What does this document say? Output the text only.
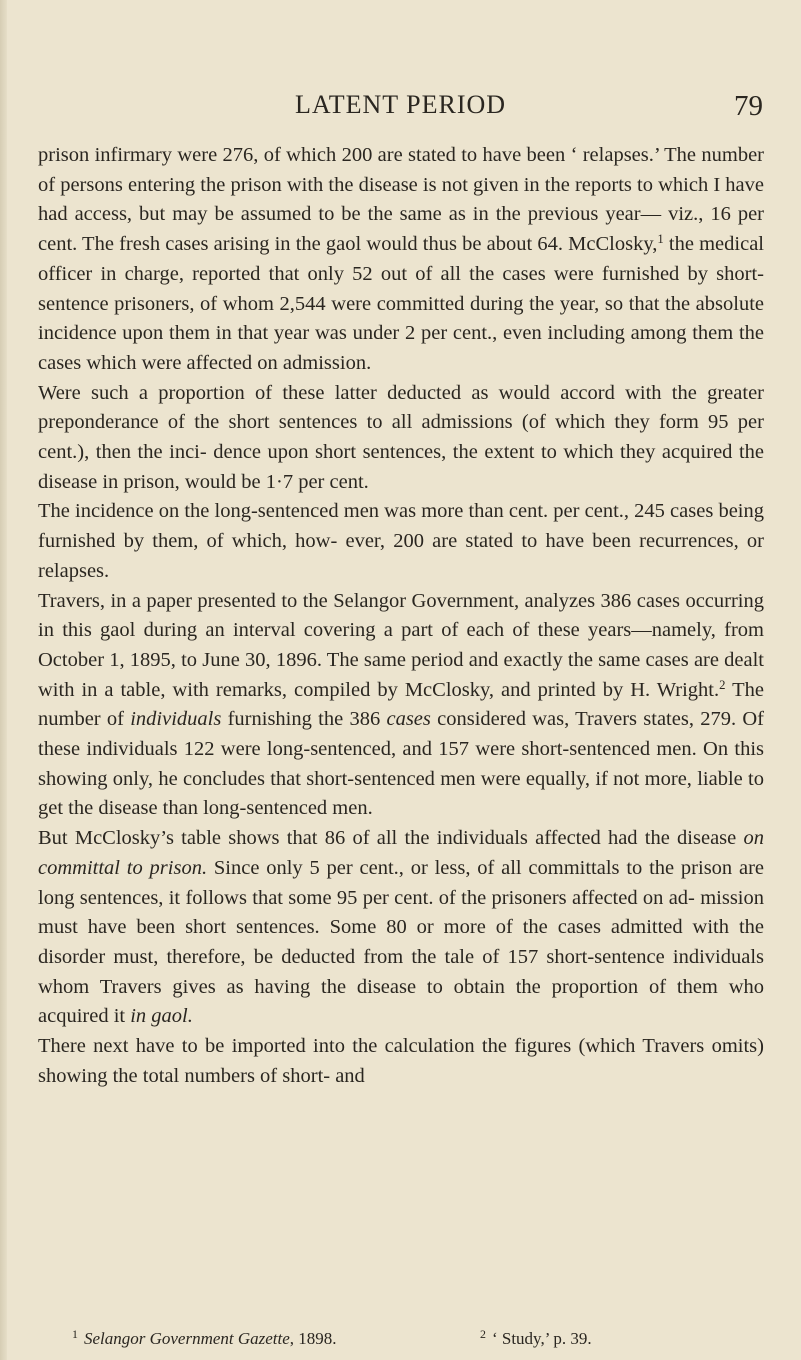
LATENT PERIOD	79

prison infirmary were 276, of which 200 are stated to have been ‘ relapses.’ The number of persons entering the prison with the disease is not given in the reports to which I have had access, but may be assumed to be the same as in the previous year— viz., 16 per cent. The fresh cases arising in the gaol would thus be about 64. McClosky,$^1$ the medical officer in charge, reported that only 52 out of all the cases were furnished by short-sentence prisoners, of whom 2,544 were committed during the year, so that the absolute incidence upon them in that year was under 2 per cent., even including among them the cases which were affected on admission.

Were such a proportion of these latter deducted as would accord with the greater preponderance of the short sentences to all admissions (of which they form 95 per cent.), then the inci- dence upon short sentences, the extent to which they acquired the disease in prison, would be 1·7 per cent.

The incidence on the long-sentenced men was more than cent. per cent., 245 cases being furnished by them, of which, how- ever, 200 are stated to have been recurrences, or relapses.

Travers, in a paper presented to the Selangor Government, analyzes 386 cases occurring in this gaol during an interval covering a part of each of these years—namely, from October 1, 1895, to June 30, 1896. The same period and exactly the same cases are dealt with in a table, with remarks, compiled by McClosky, and printed by H. Wright.$^2$ The number of individuals furnishing the 386 cases considered was, Travers states, 279. Of these individuals 122 were long-sentenced, and 157 were short-sentenced men. On this showing only, he concludes that short-sentenced men were equally, if not more, liable to get the disease than long-sentenced men.

But McClosky’s table shows that 86 of all the individuals affected had the disease on committal to prison. Since only 5 per cent., or less, of all committals to the prison are long sentences, it follows that some 95 per cent. of the prisoners affected on ad- mission must have been short sentences. Some 80 or more of the cases admitted with the disorder must, therefore, be deducted from the tale of 157 short-sentence individuals whom Travers gives as having the disease to obtain the proportion of them who acquired it in gaol.

There next have to be imported into the calculation the figures (which Travers omits) showing the total numbers of short- and

$^1$ Selangor Government Gazette, 1898.	$^2$ ‘ Study,’ p. 39.
